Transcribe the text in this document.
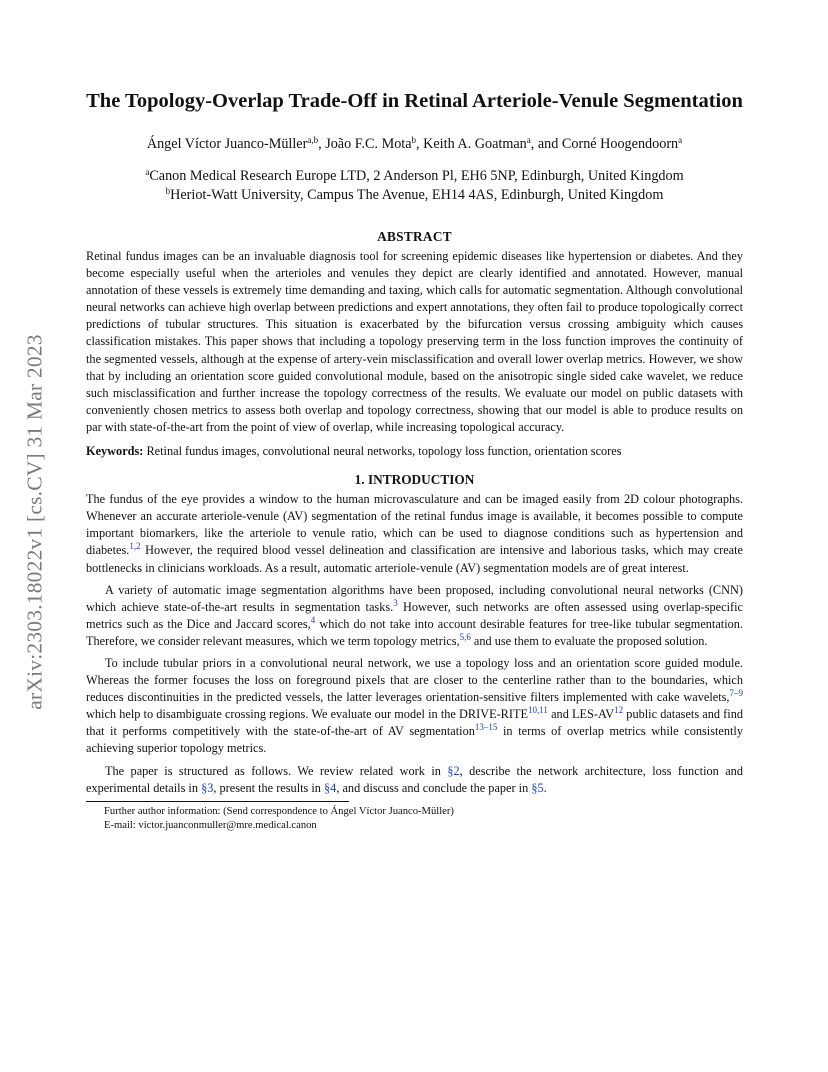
arXiv:2303.18022v1 [cs.CV] 31 Mar 2023
The Topology-Overlap Trade-Off in Retinal Arteriole-Venule Segmentation
Ángel Víctor Juanco-Müller$^{a,b}$, João F.C. Mota$^b$, Keith A. Goatman$^a$, and Corné Hoogendoorn$^a$
$^a$Canon Medical Research Europe LTD, 2 Anderson Pl, EH6 5NP, Edinburgh, United Kingdom
$^b$Heriot-Watt University, Campus The Avenue, EH14 4AS, Edinburgh, United Kingdom
ABSTRACT

Retinal fundus images can be an invaluable diagnosis tool for screening epidemic diseases like hypertension or diabetes. And they become especially useful when the arterioles and venules they depict are clearly identified and annotated. However, manual annotation of these vessels is extremely time demanding and taxing, which calls for automatic segmentation. Although convolutional neural networks can achieve high overlap between predictions and expert annotations, they often fail to produce topologically correct predictions of tubular structures. This situation is exacerbated by the bifurcation versus crossing ambiguity which causes classification mistakes. This paper shows that including a topology preserving term in the loss function improves the continuity of the segmented vessels, although at the expense of artery-vein misclassification and overall lower overlap metrics. However, we show that by including an orientation score guided convolutional module, based on the anisotropic single sided cake wavelet, we reduce such misclassification and further increase the topology correctness of the results. We evaluate our model on public datasets with conveniently chosen metrics to assess both overlap and topology correctness, showing that our model is able to produce results on par with state-of-the-art from the point of view of overlap, while increasing topological accuracy.

Keywords: Retinal fundus images, convolutional neural networks, topology loss function, orientation scores

1. INTRODUCTION

The fundus of the eye provides a window to the human microvasculature and can be imaged easily from 2D colour photographs. Whenever an accurate arteriole-venule (AV) segmentation of the retinal fundus image is available, it becomes possible to compute important biomarkers, like the arteriole to venule ratio, which can be used to diagnose conditions such as hypertension and diabetes.$^{1,2}$ However, the required blood vessel delineation and classification are intensive and laborious tasks, which may create bottlenecks in clinicians workloads. As a result, automatic arteriole-venule (AV) segmentation models are of great interest.

A variety of automatic image segmentation algorithms have been proposed, including convolutional neural networks (CNN) which achieve state-of-the-art results in segmentation tasks.$^3$ However, such networks are often assessed using overlap-specific metrics such as the Dice and Jaccard scores,$^4$ which do not take into account desirable features for tree-like tubular segmentation. Therefore, we consider relevant measures, which we term topology metrics,$^{5,6}$ and use them to evaluate the proposed solution.

To include tubular priors in a convolutional neural network, we use a topology loss and an orientation score guided module. Whereas the former focuses the loss on foreground pixels that are closer to the centerline rather than to the boundaries, which reduces discontinuities in the predicted vessels, the latter leverages orientation-sensitive filters implemented with cake wavelets,$^{7-9}$ which help to disambiguate crossing regions. We evaluate our model in the DRIVE-RITE$^{10,11}$ and LES-AV$^{12}$ public datasets and find that it performs competitively with the state-of-the-art of AV segmentation$^{13-15}$ in terms of overlap metrics while consistently achieving superior topology metrics.

The paper is structured as follows. We review related work in §2, describe the network architecture, loss function and experimental details in §3, present the results in §4, and discuss and conclude the paper in §5.

Further author information: (Send correspondence to Ángel Víctor Juanco-Müller)
E-mail: victor.juanconmuller@mre.medical.canon
